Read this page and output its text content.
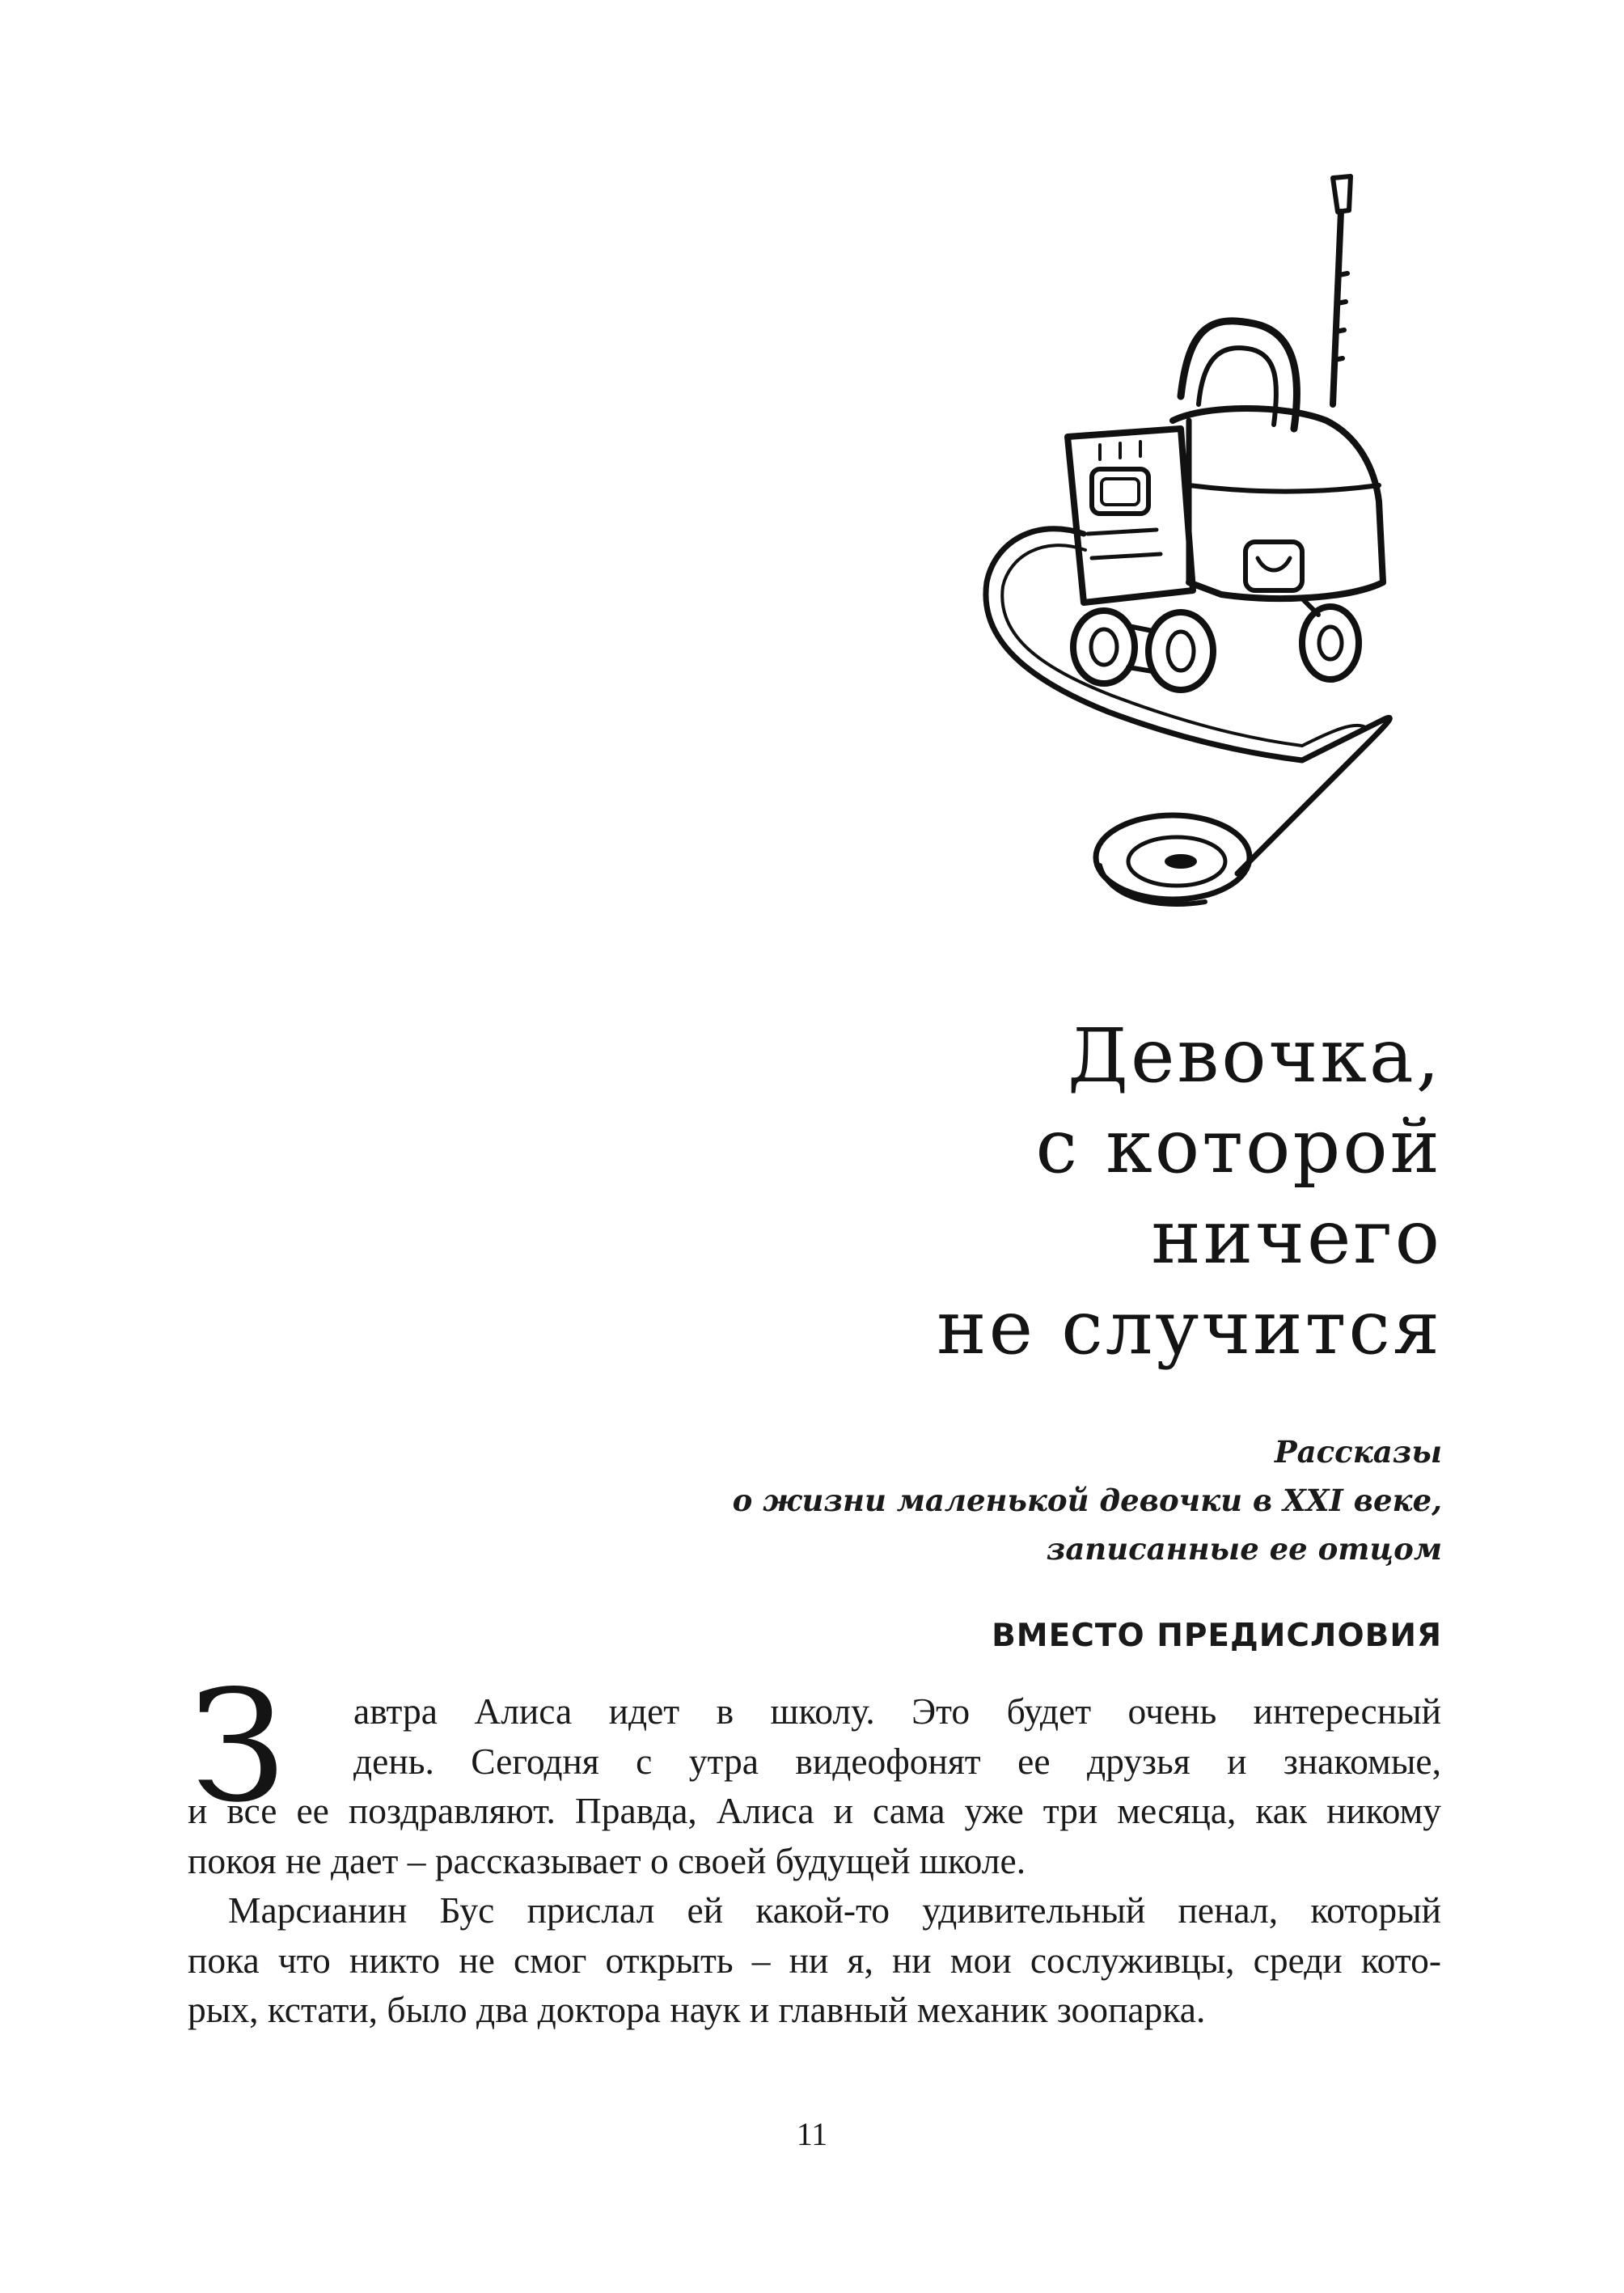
Девочка,
с которой
ничего
не случится

Рассказы
о жизни маленькой девочки в XXI веке,
записанные ее отцом

ВМЕСТО ПРЕДИСЛОВИЯ
З	автра Алиса идет в школу. Это будет очень интересный
день. Сегодня с утра видеофонят ее друзья и знакомые,
и все ее поздравляют. Правда, Алиса и сама уже три месяца, как никому
покоя не дает – рассказывает о своей будущей школе.

Марсианин Бус прислал ей какой-то удивительный пенал, который
пока что никто не смог открыть – ни я, ни мои сослуживцы, среди кото-
рых, кстати, было два доктора наук и главный механик зоопарка.

11
